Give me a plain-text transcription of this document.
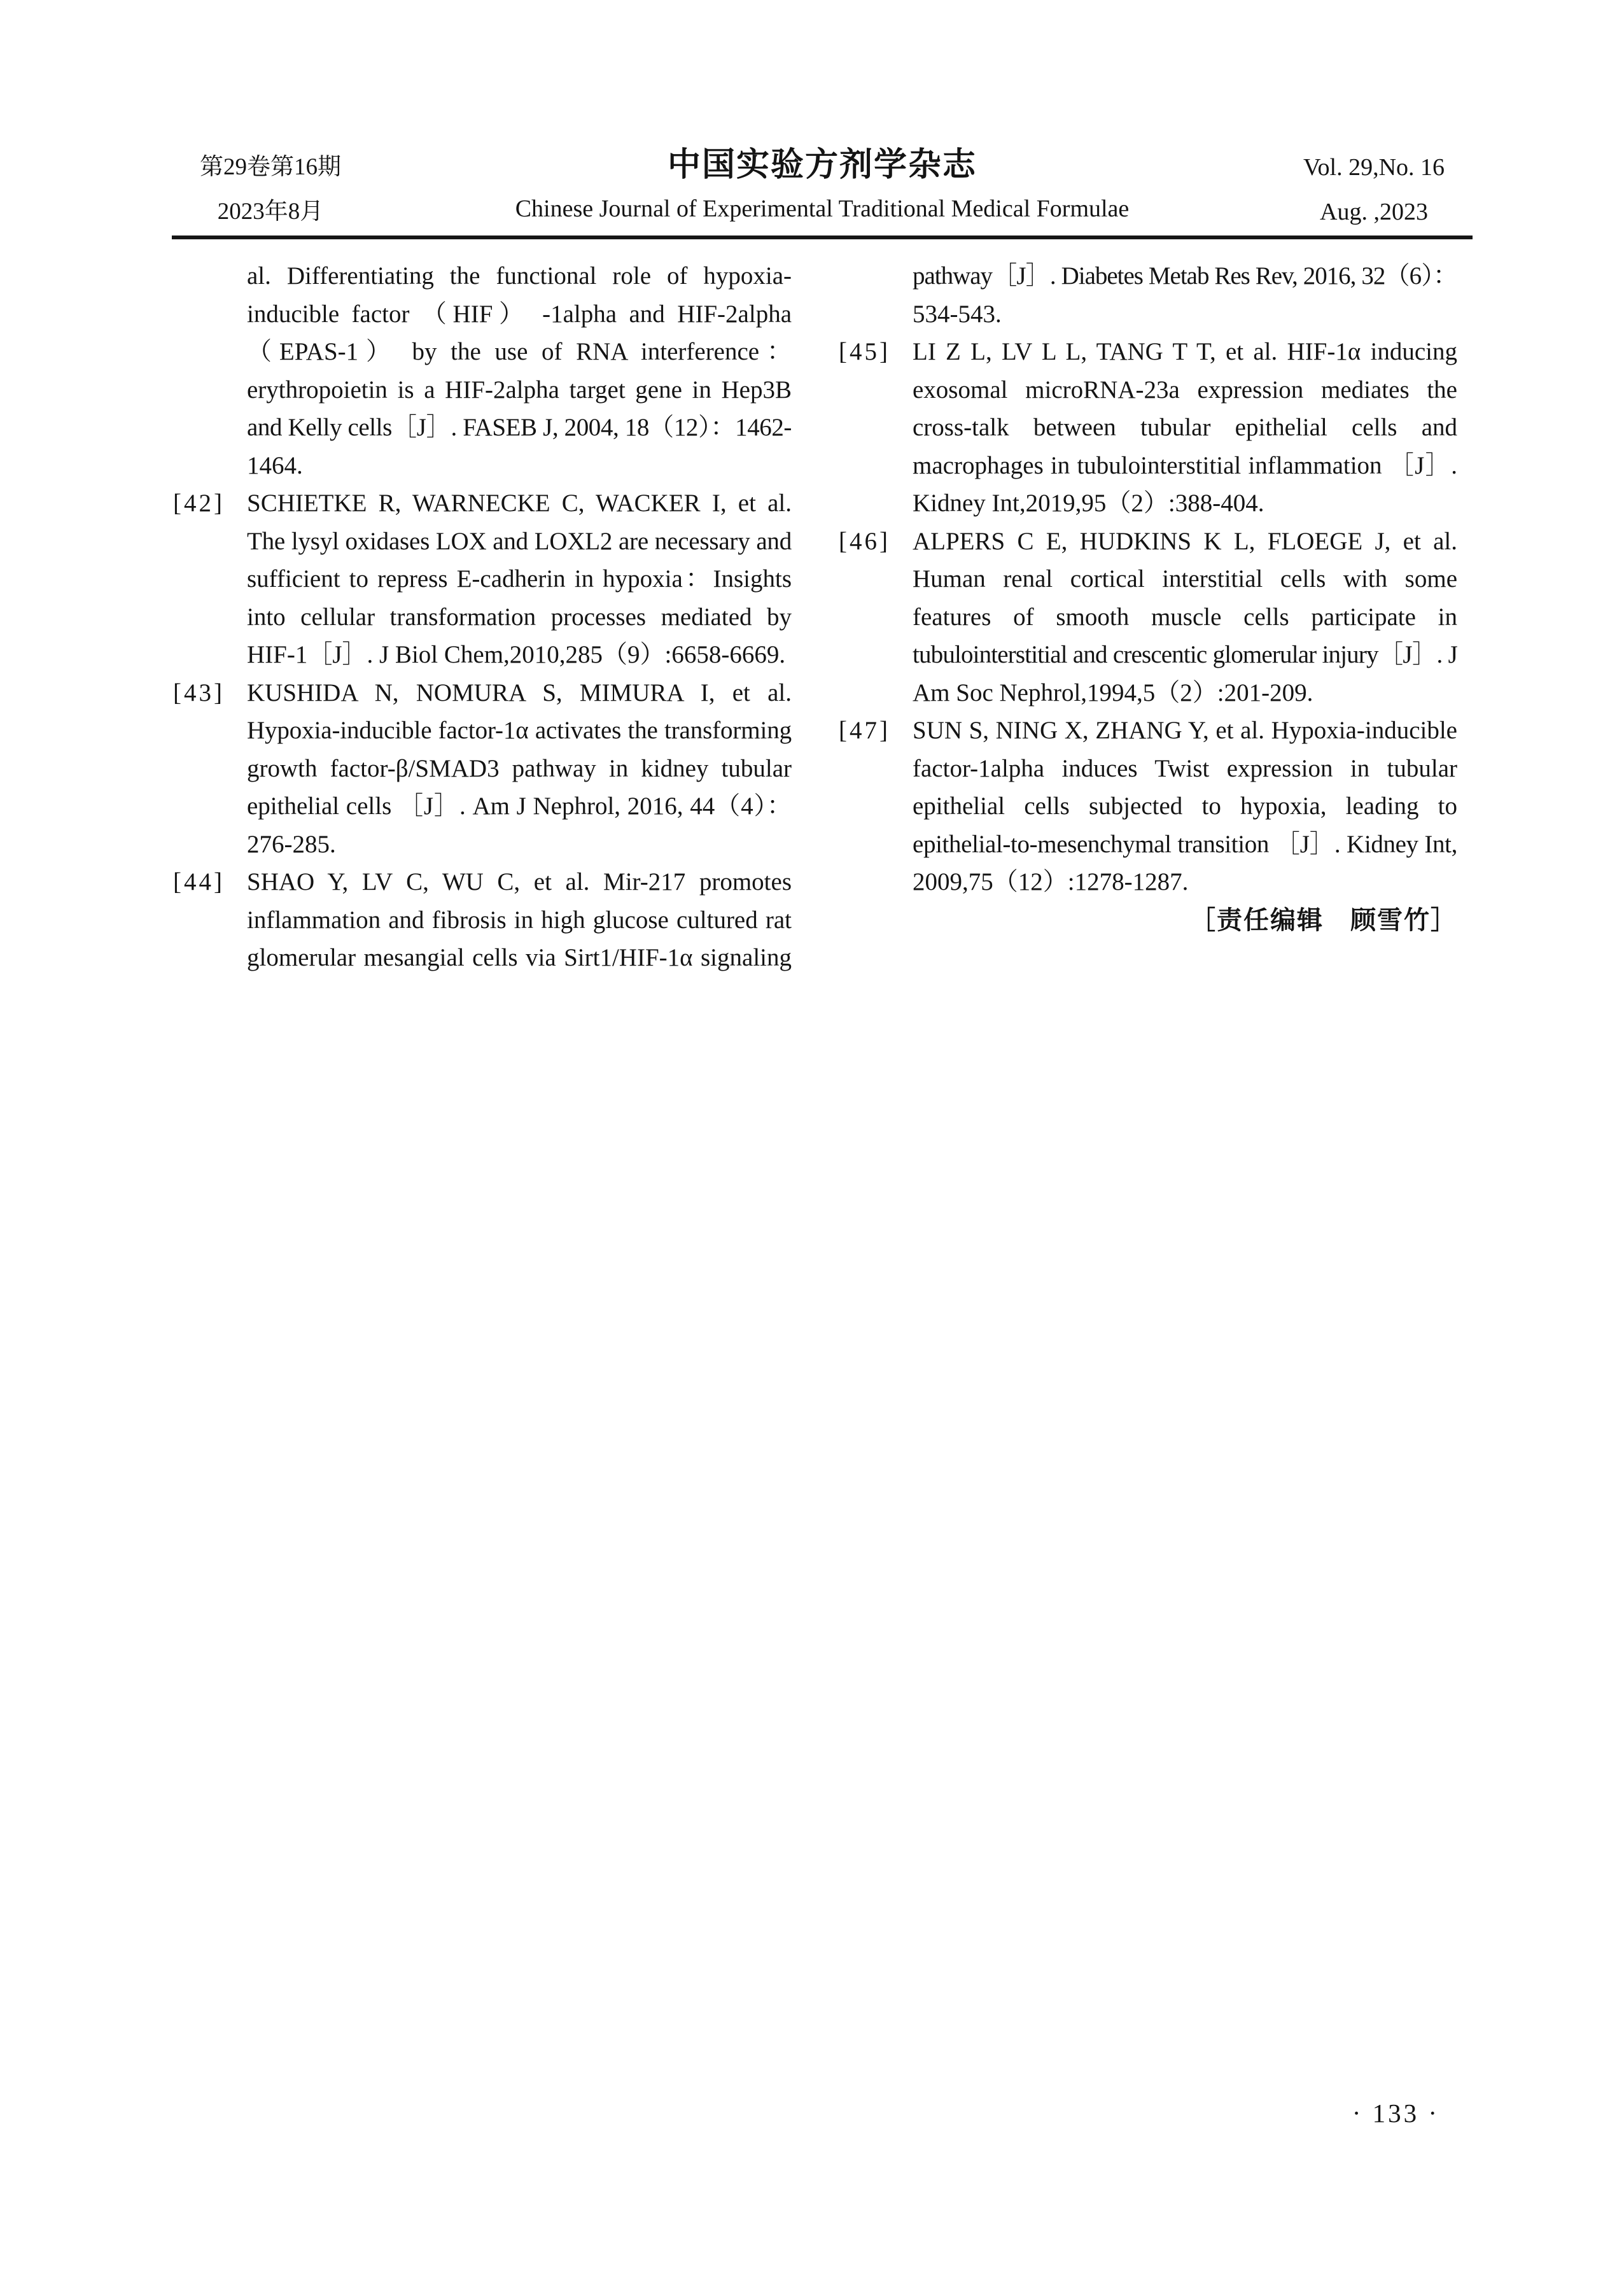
第29卷第16期
2023年8月
中国实验方剂学杂志
Chinese Journal of Experimental Traditional Medical Formulae
Vol. 29,No. 16
Aug. ,2023
al. Differentiating the functional role of hypoxia-
inducible factor （HIF） -1alpha and HIF-2alpha
（EPAS-1） by the use of RNA interference：
erythropoietin is a HIF-2alpha target gene in Hep3B
and Kelly cells［J］. FASEB J, 2004, 18（12）：1462-
1464.
[42] SCHIETKE R, WARNECKE C, WACKER I, et al.
The lysyl oxidases LOX and LOXL2 are necessary and
sufficient to repress E-cadherin in hypoxia：Insights
into cellular transformation processes mediated by
HIF-1［J］. J Biol Chem,2010,285（9）:6658-6669.
[43] KUSHIDA N, NOMURA S, MIMURA I, et al.
Hypoxia-inducible factor-1α activates the transforming
growth factor-β/SMAD3 pathway in kidney tubular
epithelial cells ［J］. Am J Nephrol, 2016, 44（4）：
276-285.
[44] SHAO Y, LV C, WU C, et al. Mir-217 promotes
inflammation and fibrosis in high glucose cultured rat
glomerular mesangial cells via Sirt1/HIF-1α signaling
pathway［J］. Diabetes Metab Res Rev, 2016, 32（6）：
534-543.
[45] LI Z L, LV L L, TANG T T, et al. HIF-1α inducing
exosomal microRNA-23a expression mediates the
cross-talk between tubular epithelial cells and
macrophages in tubulointerstitial inflammation ［J］.
Kidney Int,2019,95（2）:388-404.
[46] ALPERS C E, HUDKINS K L, FLOEGE J, et al.
Human renal cortical interstitial cells with some
features of smooth muscle cells participate in
tubulointerstitial and crescentic glomerular injury［J］. J
Am Soc Nephrol,1994,5（2）:201-209.
[47] SUN S, NING X, ZHANG Y, et al. Hypoxia-inducible
factor-1alpha induces Twist expression in tubular
epithelial cells subjected to hypoxia, leading to
epithelial-to-mesenchymal transition ［J］. Kidney Int,
2009,75（12）:1278-1287.
［责任编辑　顾雪竹］
· 133 ·
